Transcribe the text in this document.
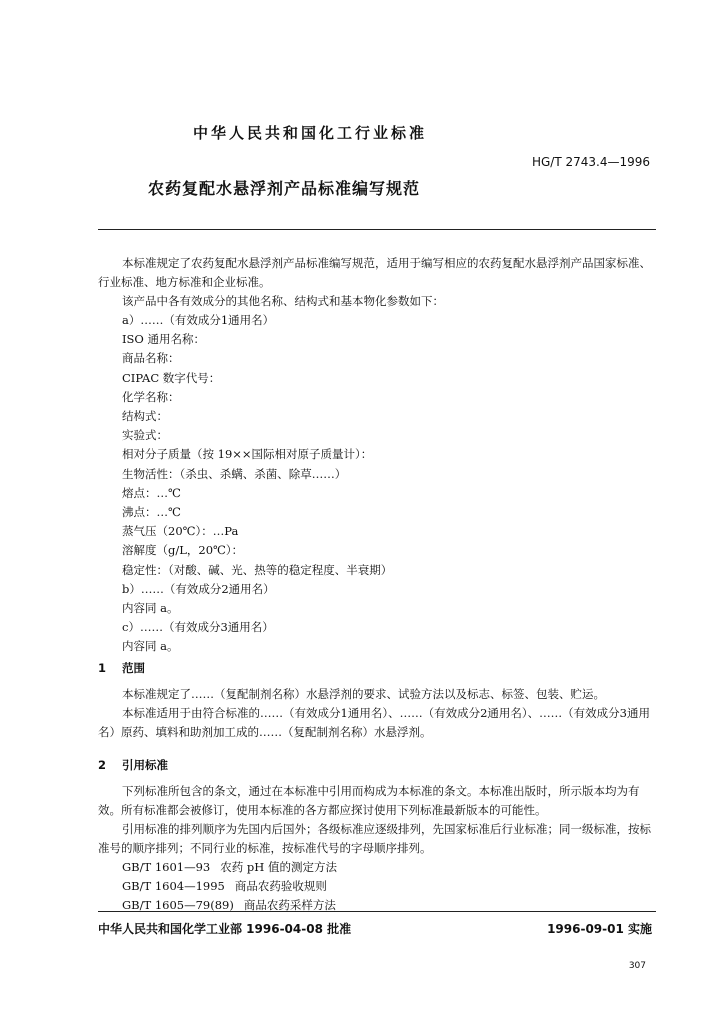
中华人民共和国化工行业标准
HG/T 2743.4—1996
农药复配水悬浮剂产品标准编写规范

本标准规定了农药复配水悬浮剂产品标准编写规范，适用于编写相应的农药复配水悬浮剂产品国家标准、行业标准、地方标准和企业标准。

该产品中各有效成分的其他名称、结构式和基本物化参数如下：

a）……（有效成分1通用名）
ISO 通用名称：
商品名称：
CIPAC 数字代号：
化学名称：
结构式：
实验式：
相对分子质量（按 19××国际相对原子质量计）：
生物活性：（杀虫、杀螨、杀菌、除草……）
熔点：…℃
沸点：…℃
蒸气压（20℃）：…Pa
溶解度（g/L，20℃）：
稳定性：（对酸、碱、光、热等的稳定程度、半衰期）
b）……（有效成分2通用名）
内容同 a。
c）……（有效成分3通用名）
内容同 a。
1 范围

本标准规定了……（复配制剂名称）水悬浮剂的要求、试验方法以及标志、标签、包装、贮运。

本标准适用于由符合标准的……（有效成分1通用名）、……（有效成分2通用名）、……（有效成分3通用名）原药、填料和助剂加工成的……（复配制剂名称）水悬浮剂。

2 引用标准

下列标准所包含的条文，通过在本标准中引用而构成为本标准的条文。本标准出版时，所示版本均为有效。所有标准都会被修订，使用本标准的各方都应探讨使用下列标准最新版本的可能性。

引用标准的排列顺序为先国内后国外；各级标准应逐级排列，先国家标准后行业标准；同一级标准，按标准号的顺序排列；不同行业的标准，按标准代号的字母顺序排列。

GB/T 1601—93 农药 pH 值的测定方法
GB/T 1604—1995 商品农药验收规则
GB/T 1605—79(89) 商品农药采样方法
中华人民共和国化学工业部 1996-04-08 批准	1996-09-01 实施
307
